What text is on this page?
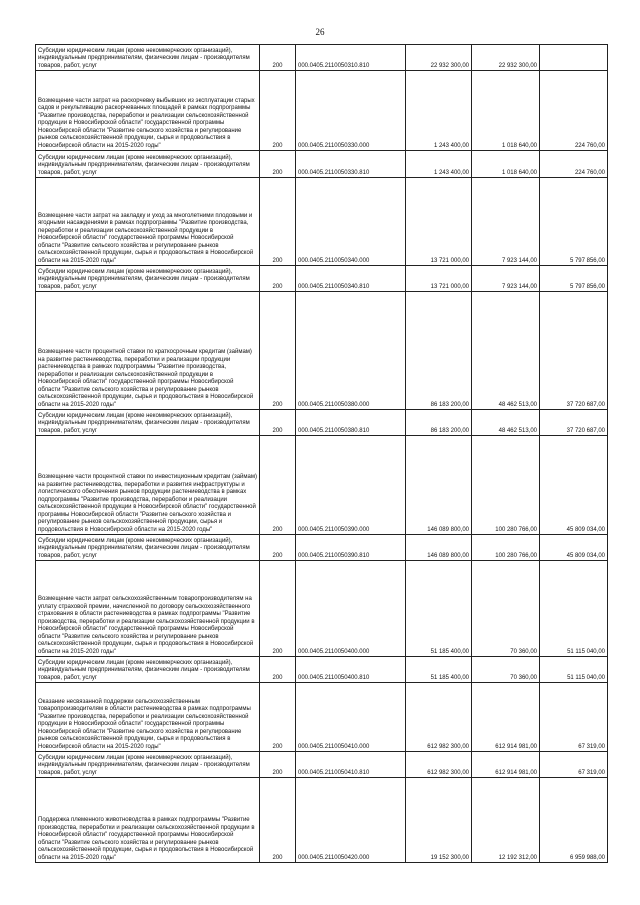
26
Субсидии юридическим лицам (кроме некоммерческих организаций), индивидуальным предпринимателям, физическим лицам - производителям товаров, работ, услуг	200	000.0405.2110050310.810	22 932 300,00	22 932 300,00	

Возмещение части затрат на раскорчевку выбывших из эксплуатации старых садов и рекультивацию раскорчеванных площадей в рамках подпрограммы "Развитие производства, переработки и реализации сельскохозяйственной продукции в Новосибирской области" государственной программы Новосибирской области "Развитие сельского хозяйства и регулирование рынков сельскохозяйственной продукции, сырья и продовольствия в Новосибирской области на 2015-2020 годы"	200	000.0405.2110050330.000	1 243 400,00	1 018 640,00	224 760,00

Субсидии юридическим лицам (кроме некоммерческих организаций), индивидуальным предпринимателям, физическим лицам - производителям товаров, работ, услуг	200	000.0405.2110050330.810	1 243 400,00	1 018 640,00	224 760,00

Возмещение части затрат на закладку и уход за многолетними плодовыми и ягодными насаждениями в рамках подпрограммы "Развитие производства, переработки и реализации сельскохозяйственной продукции в Новосибирской области" государственной программы Новосибирской области "Развитие сельского хозяйства и регулирование рынков сельскохозяйственной продукции, сырья и продовольствия в Новосибирской области на 2015-2020 годы"	200	000.0405.2110050340.000	13 721 000,00	7 923 144,00	5 797 856,00

Субсидии юридическим лицам (кроме некоммерческих организаций), индивидуальным предпринимателям, физическим лицам - производителям товаров, работ, услуг	200	000.0405.2110050340.810	13 721 000,00	7 923 144,00	5 797 856,00

Возмещение части процентной ставки по краткосрочным кредитам (займам) на развитие растениеводства, переработки и реализации продукции растениеводства в рамках подпрограммы "Развитие производства, переработки и реализации сельскохозяйственной продукции в Новосибирской области" государственной программы Новосибирской области "Развитие сельского хозяйства и регулирование рынков сельскохозяйственной продукции, сырья и продовольствия в Новосибирской области на 2015-2020 годы"	200	000.0405.2110050380.000	86 183 200,00	48 462 513,00	37 720 687,00

Субсидии юридическим лицам (кроме некоммерческих организаций), индивидуальным предпринимателям, физическим лицам - производителям товаров, работ, услуг	200	000.0405.2110050380.810	86 183 200,00	48 462 513,00	37 720 687,00

Возмещение части процентной ставки по инвестиционным кредитам (займам) на развитие растениеводства, переработки и развития инфраструктуры и логистического обеспечения рынков продукции растениеводства в рамках подпрограммы "Развитие производства, переработки и реализации сельскохозяйственной продукции в Новосибирской области" государственной программы Новосибирской области "Развитие сельского хозяйства и регулирование рынков сельскохозяйственной продукции, сырья и продовольствия в Новосибирской области на 2015-2020 годы"	200	000.0405.2110050390.000	146 089 800,00	100 280 766,00	45 809 034,00

Субсидии юридическим лицам (кроме некоммерческих организаций), индивидуальным предпринимателям, физическим лицам - производителям товаров, работ, услуг	200	000.0405.2110050390.810	146 089 800,00	100 280 766,00	45 809 034,00

Возмещение части затрат сельскохозяйственным товаропроизводителям на уплату страховой премии, начисленной по договору сельскохозяйственного страхования в области растениеводства в рамках подпрограммы "Развитие производства, переработки и реализации сельскохозяйственной продукции в Новосибирской области" государственной программы Новосибирской области "Развитие сельского хозяйства и регулирование рынков сельскохозяйственной продукции, сырья и продовольствия в Новосибирской области на 2015-2020 годы"	200	000.0405.2110050400.000	51 185 400,00	70 360,00	51 115 040,00

Субсидии юридическим лицам (кроме некоммерческих организаций), индивидуальным предпринимателям, физическим лицам - производителям товаров, работ, услуг	200	000.0405.2110050400.810	51 185 400,00	70 360,00	51 115 040,00

Оказание несвязанной поддержки сельскохозяйственным товаропроизводителям в области растениеводства в рамках подпрограммы "Развитие производства, переработки и реализации сельскохозяйственной продукции в Новосибирской области" государственной программы Новосибирской области "Развитие сельского хозяйства и регулирование рынков сельскохозяйственной продукции, сырья и продовольствия в Новосибирской области на 2015-2020 годы"	200	000.0405.2110050410.000	612 982 300,00	612 914 981,00	67 319,00

Субсидии юридическим лицам (кроме некоммерческих организаций), индивидуальным предпринимателям, физическим лицам - производителям товаров, работ, услуг	200	000.0405.2110050410.810	612 982 300,00	612 914 981,00	67 319,00

Поддержка племенного животноводства в рамках подпрограммы "Развитие производства, переработки и реализации сельскохозяйственной продукции в Новосибирской области" государственной программы Новосибирской области "Развитие сельского хозяйства и регулирование рынков сельскохозяйственной продукции, сырья и продовольствия в Новосибирской области на 2015-2020 годы"	200	000.0405.2110050420.000	19 152 300,00	12 192 312,00	6 959 988,00
